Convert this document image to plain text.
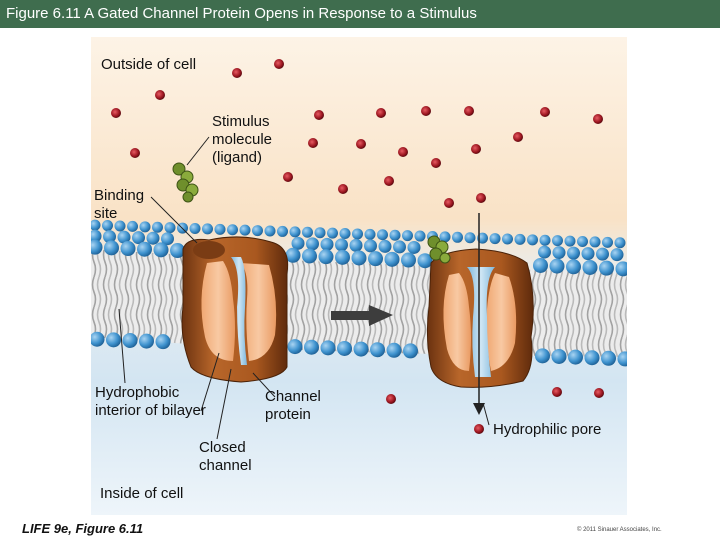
Figure 6.11 A Gated Channel Protein Opens in Response to a Stimulus
Outside of cell
Stimulus
molecule
(ligand)
Binding
site
Hydrophobic
interior of bilayer
Channel
protein
Closed
channel
Hydrophilic pore
Inside of cell
LIFE 9e, Figure 6.11	© 2011 Sinauer Associates, Inc.
